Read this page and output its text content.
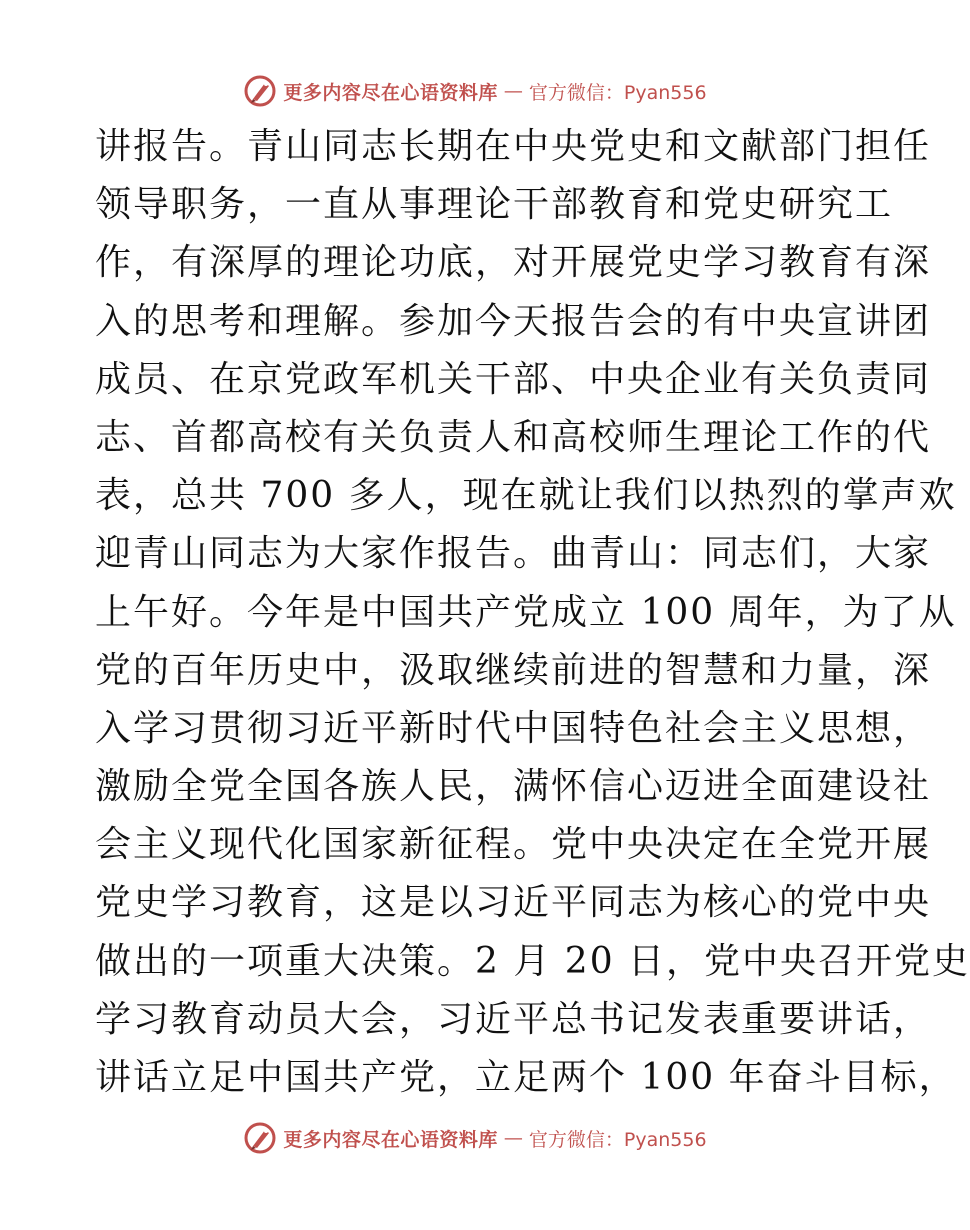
更多内容尽在心语资料库 — 官方微信：Pyan556
讲报告。青山同志长期在中央党史和文献部门担任
领导职务，一直从事理论干部教育和党史研究工
作，有深厚的理论功底，对开展党史学习教育有深
入的思考和理解。参加今天报告会的有中央宣讲团
成员、在京党政军机关干部、中央企业有关负责同
志、首都高校有关负责人和高校师生理论工作的代
表，总共 700 多人，现在就让我们以热烈的掌声欢
迎青山同志为大家作报告。曲青山：同志们，大家
上午好。今年是中国共产党成立 100 周年，为了从
党的百年历史中，汲取继续前进的智慧和力量，深
入学习贯彻习近平新时代中国特色社会主义思想，
激励全党全国各族人民，满怀信心迈进全面建设社
会主义现代化国家新征程。党中央决定在全党开展
党史学习教育，这是以习近平同志为核心的党中央
做出的一项重大决策。2 月 20 日，党中央召开党史
学习教育动员大会，习近平总书记发表重要讲话，
讲话立足中国共产党，立足两个 100 年奋斗目标，
更多内容尽在心语资料库 — 官方微信：Pyan556
